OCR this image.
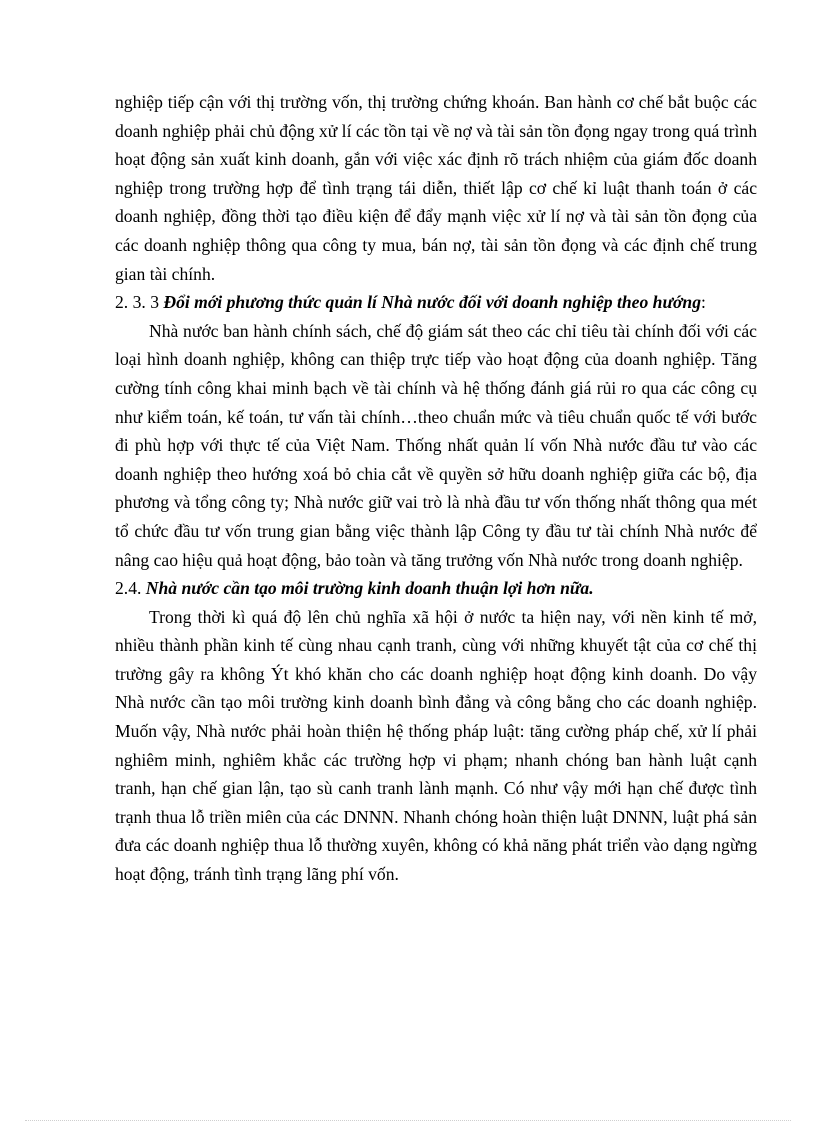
nghiệp tiếp cận với thị trường vốn, thị trường chứng khoán. Ban hành cơ chế bắt buộc các doanh nghiệp phải chủ động xử lí các tồn tại về nợ và tài sản tồn đọng ngay trong quá trình hoạt động sản xuất kinh doanh, gắn với việc xác định rõ trách nhiệm của giám đốc doanh nghiệp trong trường hợp để tình trạng tái diễn, thiết lập cơ chế kỉ luật thanh toán ở các doanh nghiệp, đồng thời tạo điều kiện để đẩy mạnh việc xử lí nợ và tài sản tồn đọng của các doanh nghiệp thông qua công ty mua, bán nợ, tài sản tồn đọng và các định chế trung gian tài chính.

2. 3. 3 Đổi mới phương thức quản lí Nhà nước đối với doanh nghiệp theo hướng:

Nhà nước ban hành chính sách, chế độ giám sát theo các chỉ tiêu tài chính đối với các loại hình doanh nghiệp, không can thiệp trực tiếp vào hoạt động của doanh nghiệp. Tăng cường tính công khai minh bạch về tài chính và hệ thống đánh giá rủi ro qua các công cụ như kiểm toán, kế toán, tư vấn tài chính…theo chuẩn mức và tiêu chuẩn quốc tế với bước đi phù hợp với thực tế của Việt Nam. Thống nhất quản lí vốn Nhà nước đầu tư vào các doanh nghiệp theo hướng xoá bỏ chia cắt về quyền sở hữu doanh nghiệp giữa các bộ, địa phương và tổng công ty; Nhà nước giữ vai trò là nhà đầu tư vốn thống nhất thông qua mét tổ chức đầu tư vốn trung gian bằng việc thành lập Công ty đầu tư tài chính Nhà nước để nâng cao hiệu quả hoạt động, bảo toàn và tăng trưởng vốn Nhà nước trong doanh nghiệp.

2.4. Nhà nước cần tạo môi trường kinh doanh thuận lợi hơn nữa.

Trong thời kì quá độ lên chủ nghĩa xã hội ở nước ta hiện nay, với nền kinh tế mở, nhiều thành phần kinh tế cùng nhau cạnh tranh, cùng với những khuyết tật của cơ chế thị trường gây ra không Ýt khó khăn cho các doanh nghiệp hoạt động kinh doanh. Do vậy Nhà nước cần tạo môi trường kinh doanh bình đẳng và công bằng cho các doanh nghiệp. Muốn vậy, Nhà nước phải hoàn thiện hệ thống pháp luật: tăng cường pháp chế, xử lí phải nghiêm minh, nghiêm khắc các trường hợp vi phạm; nhanh chóng ban hành luật cạnh tranh, hạn chế gian lận, tạo sù canh tranh lành mạnh. Có như vậy mới hạn chế được tình trạnh thua lỗ triền miên của các DNNN. Nhanh chóng hoàn thiện luật DNNN, luật phá sản đưa các doanh nghiệp thua lỗ thường xuyên, không có khả năng phát triển vào dạng ngừng hoạt động, tránh tình trạng lãng phí vốn.
